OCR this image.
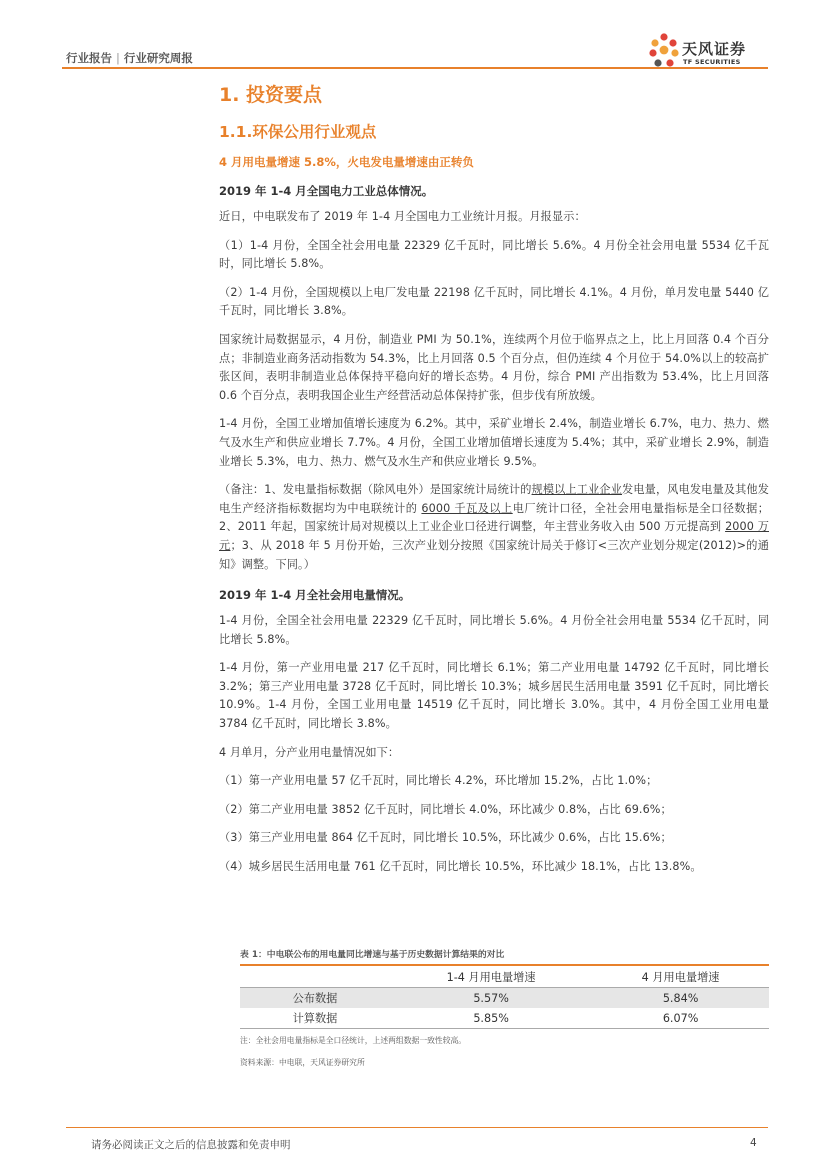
行业报告 | 行业研究周报	天风证券
TF SECURITIES
1. 投资要点
1.1.环保公用行业观点
4 月用电量增速 5.8%，火电发电量增速由正转负
2019 年 1-4 月全国电力工业总体情况。
近日，中电联发布了 2019 年 1-4 月全国电力工业统计月报。月报显示：
（1）1-4 月份，全国全社会用电量 22329 亿千瓦时，同比增长 5.6%。4 月份全社会用电量 5534 亿千瓦时，同比增长 5.8%。
（2）1-4 月份，全国规模以上电厂发电量 22198 亿千瓦时，同比增长 4.1%。4 月份，单月发电量 5440 亿千瓦时，同比增长 3.8%。
国家统计局数据显示，4 月份，制造业 PMI 为 50.1%，连续两个月位于临界点之上，比上月回落 0.4 个百分点；非制造业商务活动指数为 54.3%，比上月回落 0.5 个百分点，但仍连续 4 个月位于 54.0%以上的较高扩张区间，表明非制造业总体保持平稳向好的增长态势。4 月份，综合 PMI 产出指数为 53.4%，比上月回落 0.6 个百分点，表明我国企业生产经营活动总体保持扩张，但步伐有所放缓。
1-4 月份，全国工业增加值增长速度为 6.2%。其中，采矿业增长 2.4%，制造业增长 6.7%，电力、热力、燃气及水生产和供应业增长 7.7%。4 月份，全国工业增加值增长速度为 5.4%；其中，采矿业增长 2.9%，制造业增长 5.3%，电力、热力、燃气及水生产和供应业增长 9.5%。
（备注：1、发电量指标数据（除风电外）是国家统计局统计的规模以上工业企业发电量，风电发电量及其他发电生产经济指标数据均为中电联统计的 6000 千瓦及以上电厂统计口径，全社会用电量指标是全口径数据；2、2011 年起，国家统计局对规模以上工业企业口径进行调整，年主营业务收入由 500 万元提高到 2000 万元；3、从 2018 年 5 月份开始，三次产业划分按照《国家统计局关于修订<三次产业划分规定(2012)>的通知》调整。下同。）
2019 年 1-4 月全社会用电量情况。
1-4 月份，全国全社会用电量 22329 亿千瓦时，同比增长 5.6%。4 月份全社会用电量 5534 亿千瓦时，同比增长 5.8%。
1-4 月份，第一产业用电量 217 亿千瓦时，同比增长 6.1%；第二产业用电量 14792 亿千瓦时，同比增长 3.2%；第三产业用电量 3728 亿千瓦时，同比增长 10.3%；城乡居民生活用电量 3591 亿千瓦时，同比增长 10.9%。1-4 月份，全国工业用电量 14519 亿千瓦时，同比增长 3.0%。其中，4 月份全国工业用电量 3784 亿千瓦时，同比增长 3.8%。
4 月单月，分产业用电量情况如下：
（1）第一产业用电量 57 亿千瓦时，同比增长 4.2%，环比增加 15.2%，占比 1.0%；
（2）第二产业用电量 3852 亿千瓦时，同比增长 4.0%，环比减少 0.8%，占比 69.6%；
（3）第三产业用电量 864 亿千瓦时，同比增长 10.5%，环比减少 0.6%，占比 15.6%；
（4）城乡居民生活用电量 761 亿千瓦时，同比增长 10.5%，环比减少 18.1%，占比 13.8%。
表 1：中电联公布的用电量同比增速与基于历史数据计算结果的对比
	1-4 月用电量增速	4 月用电量增速
公布数据	5.57%	5.84%
计算数据	5.85%	6.07%
注：全社会用电量指标是全口径统计，上述两组数据一致性较高。
资料来源：中电联，天风证券研究所
请务必阅读正文之后的信息披露和免责申明	4
